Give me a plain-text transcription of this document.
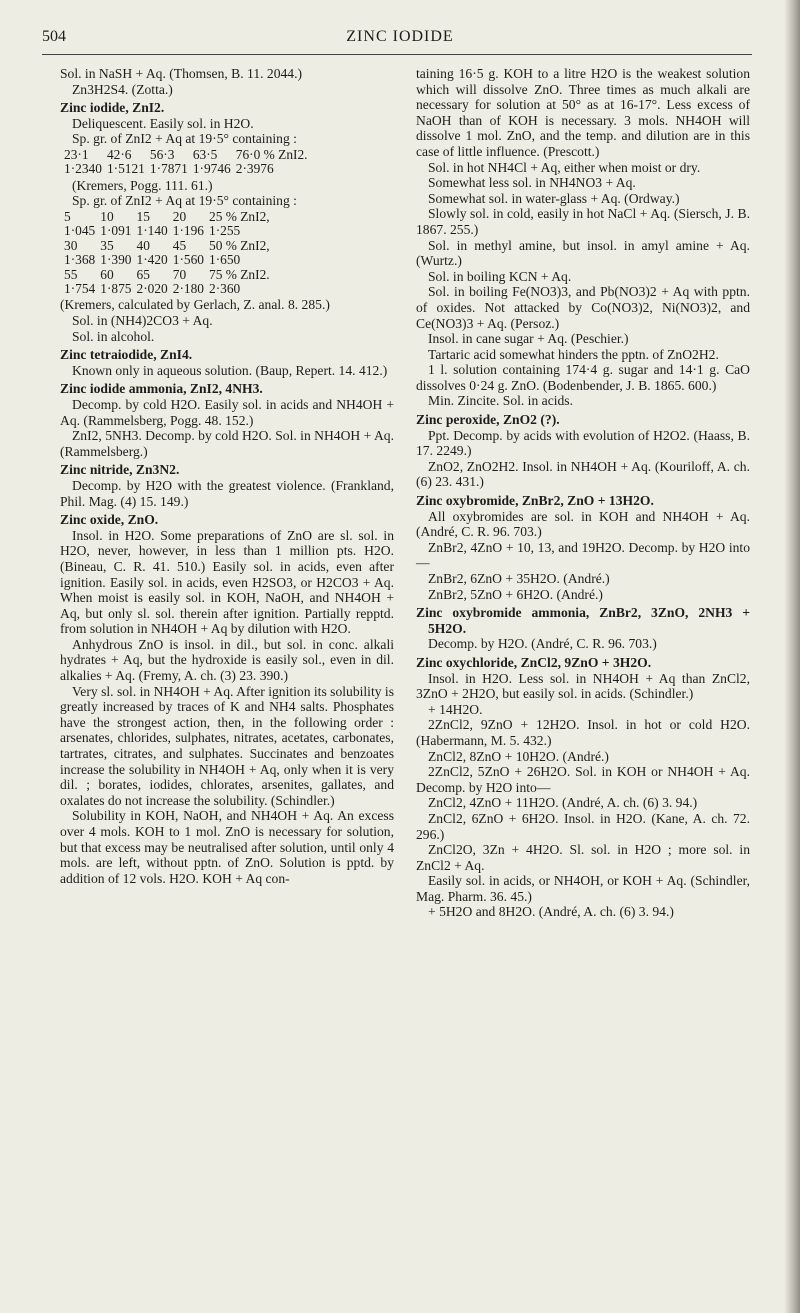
504	ZINC IODIDE

Sol. in NaSH + Aq. (Thomsen, B. 11. 2044.)

Zn3H2S4. (Zotta.)

Zinc iodide, ZnI2.

Deliquescent. Easily sol. in H2O.

Sp. gr. of ZnI2 + Aq at 19·5° containing :

23·1	42·6	56·3	63·5	76·0 % ZnI2.
1·2340	1·5121	1·7871	1·9746	2·3976

(Kremers, Pogg. 111. 61.)

Sp. gr. of ZnI2 + Aq at 19·5° containing :

5	10	15	20	25 % ZnI2,
1·045	1·091	1·140	1·196	1·255
30	35	40	45	50 % ZnI2,
1·368	1·390	1·420	1·560	1·650
55	60	65	70	75 % ZnI2.
1·754	1·875	2·020	2·180	2·360

(Kremers, calculated by Gerlach, Z. anal. 8. 285.)

Sol. in (NH4)2CO3 + Aq.

Sol. in alcohol.

Zinc tetraiodide, ZnI4.

Known only in aqueous solution. (Baup, Repert. 14. 412.)

Zinc iodide ammonia, ZnI2, 4NH3.

Decomp. by cold H2O. Easily sol. in acids and NH4OH + Aq. (Rammelsberg, Pogg. 48. 152.)

ZnI2, 5NH3. Decomp. by cold H2O. Sol. in NH4OH + Aq. (Rammelsberg.)

Zinc nitride, Zn3N2.

Decomp. by H2O with the greatest violence. (Frankland, Phil. Mag. (4) 15. 149.)

Zinc oxide, ZnO.

Insol. in H2O. Some preparations of ZnO are sl. sol. in H2O, never, however, in less than 1 million pts. H2O. (Bineau, C. R. 41. 510.) Easily sol. in acids, even after ignition. Easily sol. in acids, even H2SO3, or H2CO3 + Aq. When moist is easily sol. in KOH, NaOH, and NH4OH + Aq, but only sl. sol. therein after ignition. Partially repptd. from solution in NH4OH + Aq by dilution with H2O.

Anhydrous ZnO is insol. in dil., but sol. in conc. alkali hydrates + Aq, but the hydroxide is easily sol., even in dil. alkalies + Aq. (Fremy, A. ch. (3) 23. 390.)

Very sl. sol. in NH4OH + Aq. After ignition its solubility is greatly increased by traces of K and NH4 salts. Phosphates have the strongest action, then, in the following order : arsenates, chlorides, sulphates, nitrates, acetates, carbonates, tartrates, citrates, and sulphates. Succinates and benzoates increase the solubility in NH4OH + Aq, only when it is very dil. ; borates, iodides, chlorates, arsenites, gallates, and oxalates do not increase the solubility. (Schindler.)

Solubility in KOH, NaOH, and NH4OH + Aq. An excess over 4 mols. KOH to 1 mol. ZnO is necessary for solution, but that excess may be neutralised after solution, until only 4 mols. are left, without pptn. of ZnO. Solution is pptd. by addition of 12 vols. H2O. KOH + Aq con-

taining 16·5 g. KOH to a litre H2O is the weakest solution which will dissolve ZnO. Three times as much alkali are necessary for solution at 50° as at 16-17°. Less excess of NaOH than of KOH is necessary. 3 mols. NH4OH will dissolve 1 mol. ZnO, and the temp. and dilution are in this case of little influence. (Prescott.)

Sol. in hot NH4Cl + Aq, either when moist or dry.

Somewhat less sol. in NH4NO3 + Aq.

Somewhat sol. in water-glass + Aq. (Ordway.)

Slowly sol. in cold, easily in hot NaCl + Aq. (Siersch, J. B. 1867. 255.)

Sol. in methyl amine, but insol. in amyl amine + Aq. (Wurtz.)

Sol. in boiling KCN + Aq.

Sol. in boiling Fe(NO3)3, and Pb(NO3)2 + Aq with pptn. of oxides. Not attacked by Co(NO3)2, Ni(NO3)2, and Ce(NO3)3 + Aq. (Persoz.)

Insol. in cane sugar + Aq. (Peschier.)

Tartaric acid somewhat hinders the pptn. of ZnO2H2.

1 l. solution containing 174·4 g. sugar and 14·1 g. CaO dissolves 0·24 g. ZnO. (Bodenbender, J. B. 1865. 600.)

Min. Zincite. Sol. in acids.

Zinc peroxide, ZnO2 (?).

Ppt. Decomp. by acids with evolution of H2O2. (Haass, B. 17. 2249.)

ZnO2, ZnO2H2. Insol. in NH4OH + Aq. (Kouriloff, A. ch. (6) 23. 431.)

Zinc oxybromide, ZnBr2, ZnO + 13H2O.

All oxybromides are sol. in KOH and NH4OH + Aq. (André, C. R. 96. 703.)

ZnBr2, 4ZnO + 10, 13, and 19H2O. Decomp. by H2O into—

ZnBr2, 6ZnO + 35H2O. (André.)

ZnBr2, 5ZnO + 6H2O. (André.)

Zinc oxybromide ammonia, ZnBr2, 3ZnO, 2NH3 + 5H2O.

Decomp. by H2O. (André, C. R. 96. 703.)

Zinc oxychloride, ZnCl2, 9ZnO + 3H2O.

Insol. in H2O. Less sol. in NH4OH + Aq than ZnCl2, 3ZnO + 2H2O, but easily sol. in acids. (Schindler.)

+ 14H2O.

2ZnCl2, 9ZnO + 12H2O. Insol. in hot or cold H2O. (Habermann, M. 5. 432.)

ZnCl2, 8ZnO + 10H2O. (André.)

2ZnCl2, 5ZnO + 26H2O. Sol. in KOH or NH4OH + Aq. Decomp. by H2O into—

ZnCl2, 4ZnO + 11H2O. (André, A. ch. (6) 3. 94.)

ZnCl2, 6ZnO + 6H2O. Insol. in H2O. (Kane, A. ch. 72. 296.)

ZnCl2O, 3Zn + 4H2O. Sl. sol. in H2O ; more sol. in ZnCl2 + Aq.

Easily sol. in acids, or NH4OH, or KOH + Aq. (Schindler, Mag. Pharm. 36. 45.)

+ 5H2O and 8H2O. (André, A. ch. (6) 3. 94.)
